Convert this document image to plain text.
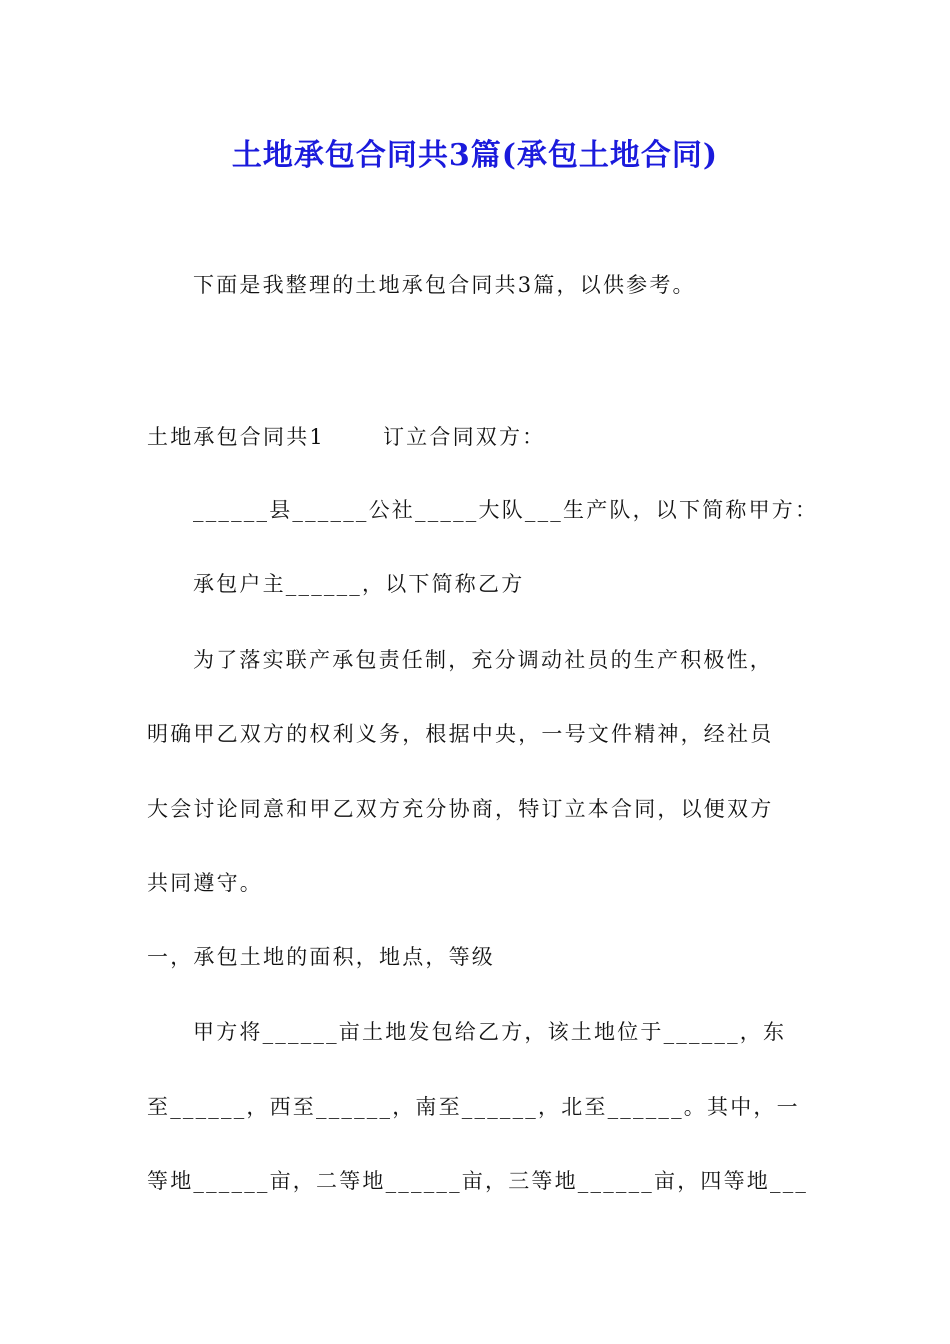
土地承包合同共3篇(承包土地合同)
下面是我整理的土地承包合同共3篇，以供参考。
土地承包合同共1	订立合同双方：
______县______公社_____大队___生产队，以下简称甲方：
承包户主______，以下简称乙方
为了落实联产承包责任制，充分调动社员的生产积极性，
明确甲乙双方的权利义务，根据中央，一号文件精神，经社员
大会讨论同意和甲乙双方充分协商，特订立本合同，以便双方
共同遵守。
一，承包土地的面积，地点，等级
甲方将______亩土地发包给乙方，该土地位于______，东
至______，西至______，南至______，北至______。其中，一
等地______亩，二等地______亩，三等地______亩，四等地___
